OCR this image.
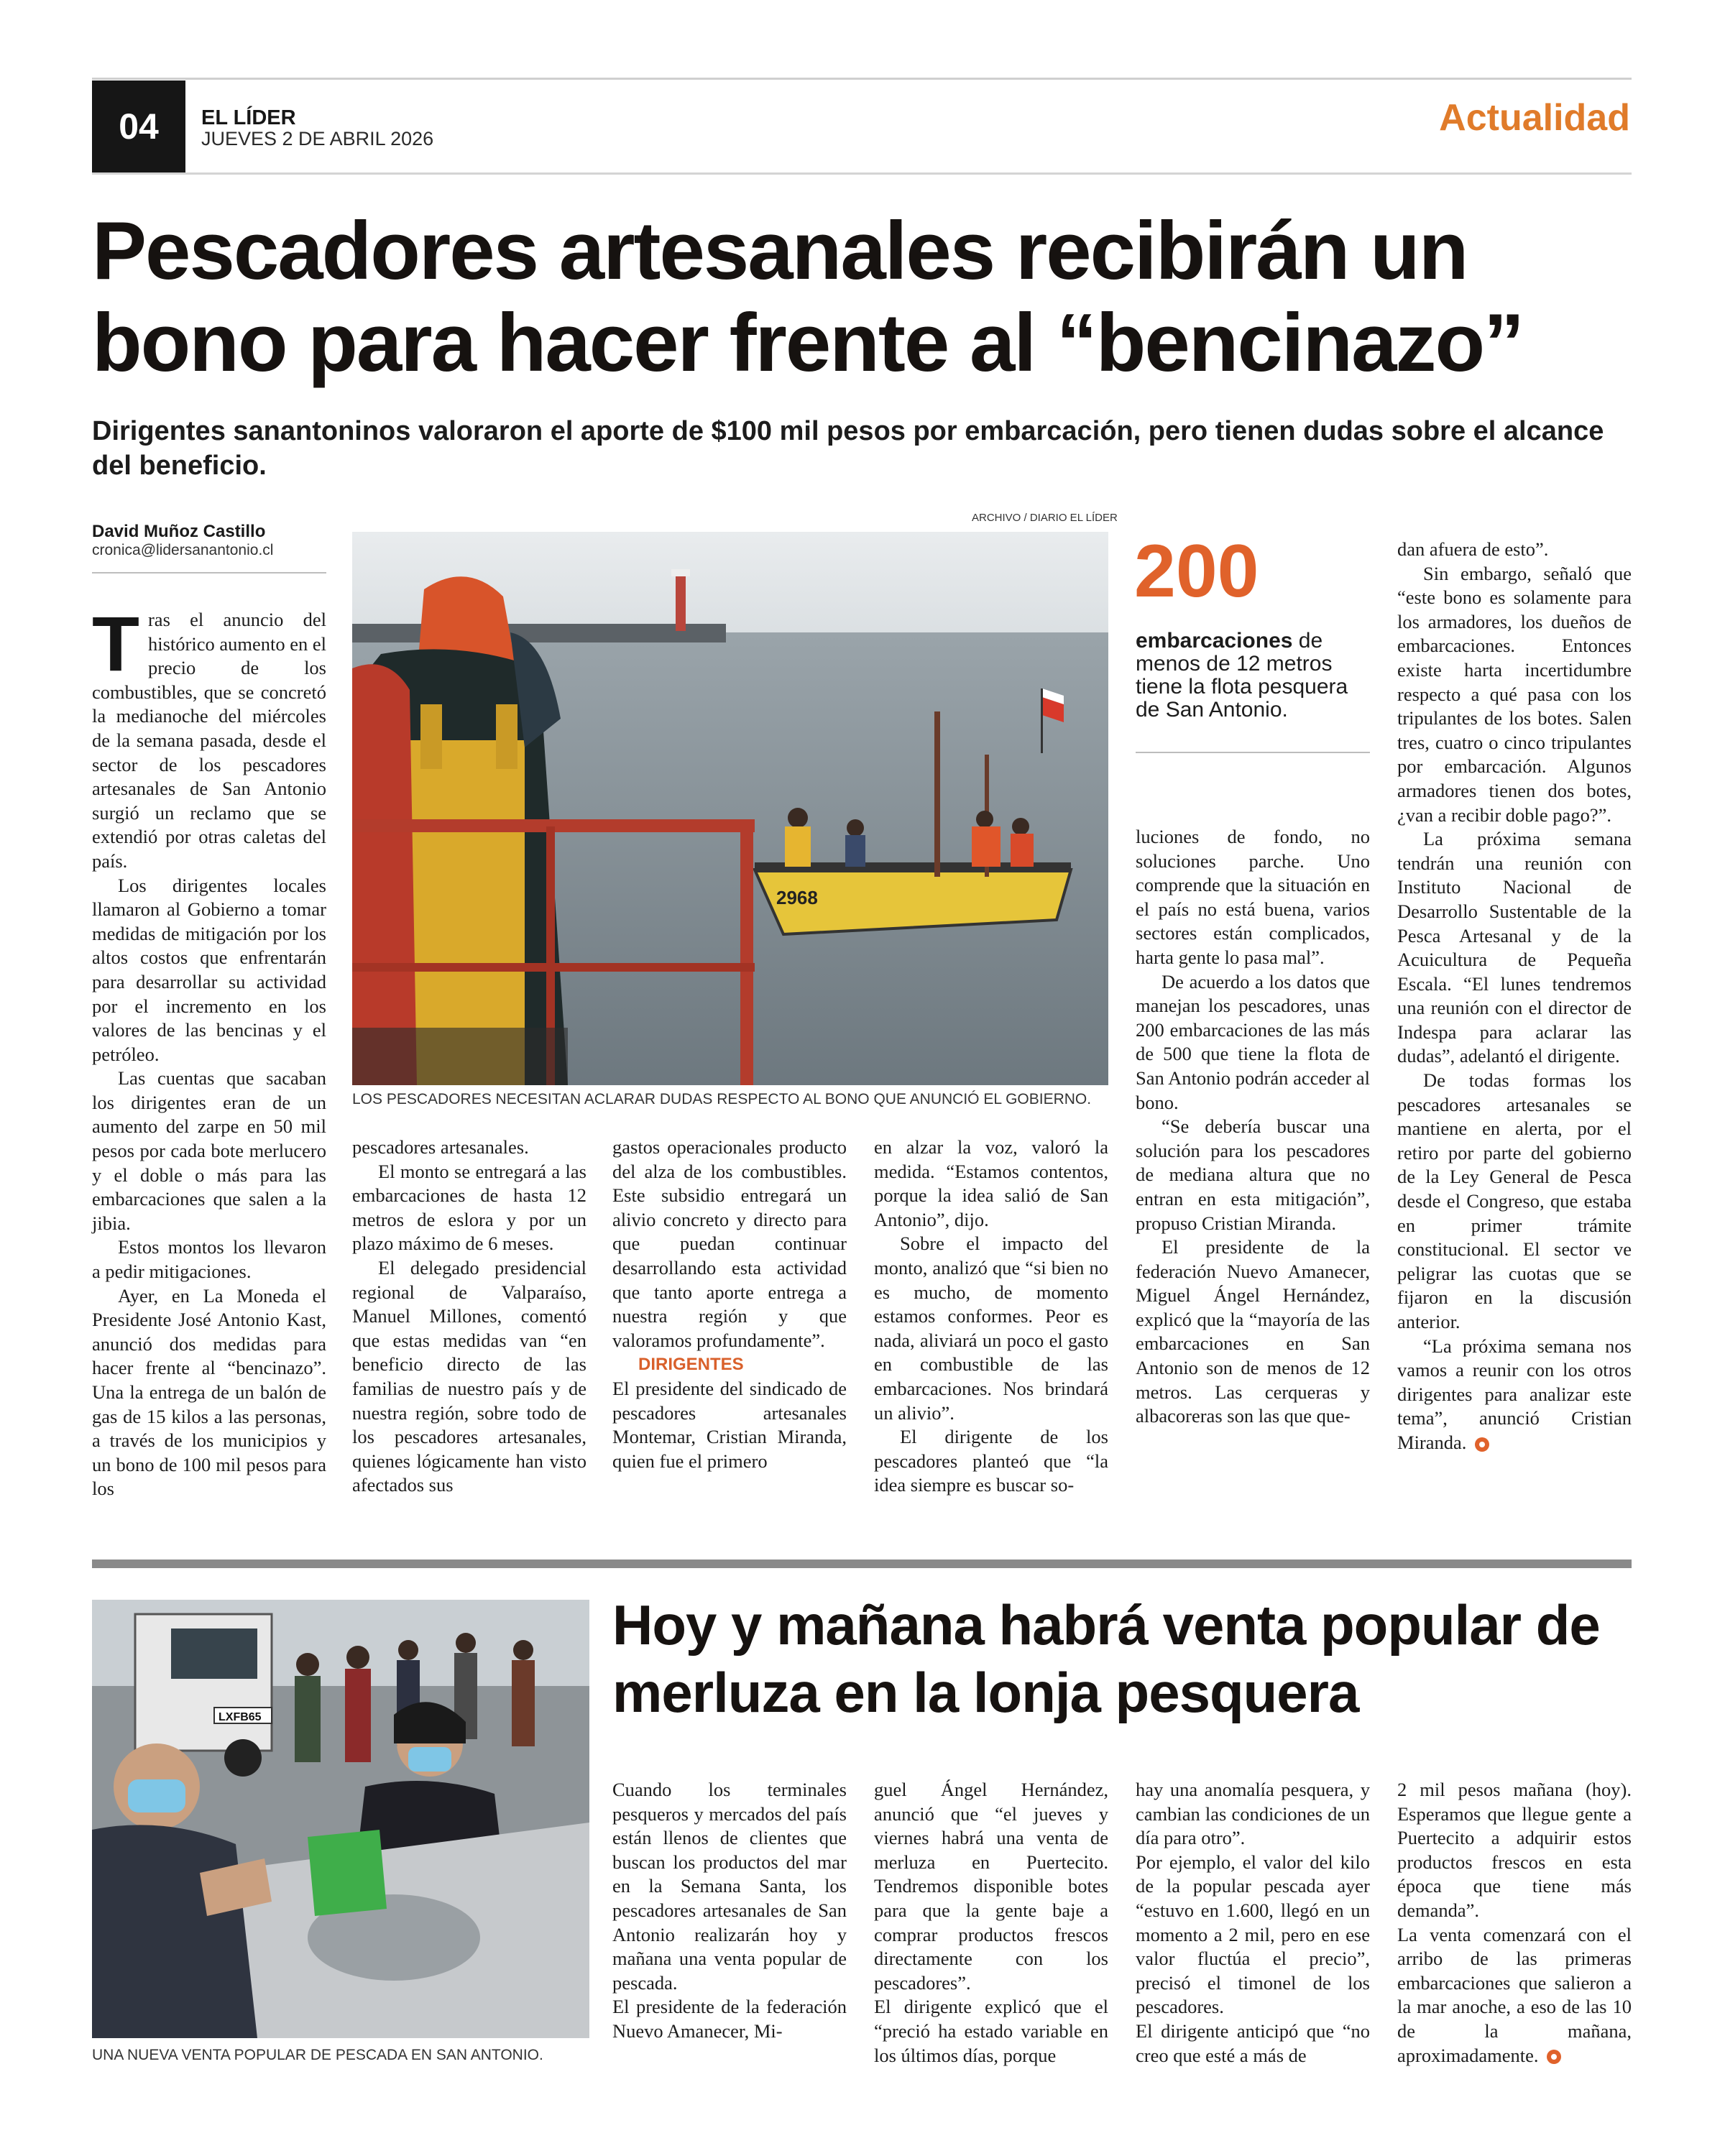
04	EL LÍDER
JUEVES 2 DE ABRIL 2026	Actualidad
Pescadores artesanales recibirán un bono para hacer frente al “bencinazo”
Dirigentes sanantoninos valoraron el aporte de $100 mil pesos por embarcación, pero tienen dudas sobre el alcance del beneficio.
David Muñoz Castillo
cronica@lidersanantonio.cl

Tras el anuncio del histórico aumento en el precio de los combustibles, que se concretó la medianoche del miércoles de la semana pasada, desde el sector de los pescadores artesanales de San Antonio surgió un reclamo que se extendió por otras caletas del país.

Los dirigentes locales llamaron al Gobierno a tomar medidas de mitigación por los altos costos que enfrentarán para desarrollar su actividad por el incremento en los valores de las bencinas y el petróleo.

Las cuentas que sacaban los dirigentes eran de un aumento del zarpe en 50 mil pesos por cada bote merlucero y el doble o más para las embarcaciones que salen a la jibia.

Estos montos los llevaron a pedir mitigaciones.

Ayer, en La Moneda el Presidente José Antonio Kast, anunció dos medidas para hacer frente al “bencinazo”. Una la entrega de un balón de gas de 15 kilos a las personas, a través de los municipios y un bono de 100 mil pesos para los

ARCHIVO / DIARIO EL LÍDER
2968
LOS PESCADORES NECESITAN ACLARAR DUDAS RESPECTO AL BONO QUE ANUNCIÓ EL GOBIERNO.

pescadores artesanales.

El monto se entregará a las embarcaciones de hasta 12 metros de eslora y por un plazo máximo de 6 meses.

El delegado presidencial regional de Valparaíso, Manuel Millones, comentó que estas medidas van “en beneficio directo de las familias de nuestro país y de nuestra región, sobre todo de los pescadores artesanales, quienes lógicamente han visto afectados sus

gastos operacionales producto del alza de los combustibles. Este subsidio entregará un alivio concreto y directo para que puedan continuar desarrollando esta actividad que tanto aporte entrega a nuestra región y que valoramos profundamente”.

DIRIGENTES

El presidente del sindicado de pescadores artesanales Montemar, Cristian Miranda, quien fue el primero

en alzar la voz, valoró la medida. “Estamos contentos, porque la idea salió de San Antonio”, dijo.

Sobre el impacto del monto, analizó que “si bien no es mucho, de momento estamos conformes. Peor es nada, aliviará un poco el gasto en combustible de las embarcaciones. Nos brindará un alivio”.

El dirigente de los pescadores planteó que “la idea siempre es buscar so-

200
embarcaciones de menos de 12 metros tiene la flota pesquera de San Antonio.

luciones de fondo, no soluciones parche. Uno comprende que la situación en el país no está buena, varios sectores están complicados, harta gente lo pasa mal”.

De acuerdo a los datos que manejan los pescadores, unas 200 embarcaciones de las más de 500 que tiene la flota de San Antonio podrán acceder al bono.

“Se debería buscar una solución para los pescadores de mediana altura que no entran en esta mitigación”, propuso Cristian Miranda.

El presidente de la federación Nuevo Amanecer, Miguel Ángel Hernández, explicó que la “mayoría de las embarcaciones en San Antonio son de menos de 12 metros. Las cerqueras y albacoreras son las que que-

dan afuera de esto”.

Sin embargo, señaló que “este bono es solamente para los armadores, los dueños de embarcaciones. Entonces existe harta incertidumbre respecto a qué pasa con los tripulantes de los botes. Salen tres, cuatro o cinco tripulantes por embarcación. Algunos armadores tienen dos botes, ¿van a recibir doble pago?”.

La próxima semana tendrán una reunión con Instituto Nacional de Desarrollo Sustentable de la Pesca Artesanal y de la Acuicultura de Pequeña Escala. “El lunes tendremos una reunión con el director de Indespa para aclarar las dudas”, adelantó el dirigente.

De todas formas los pescadores artesanales se mantiene en alerta, por el retiro por parte del gobierno de la Ley General de Pesca desde el Congreso, que estaba en primer trámite constitucional. El sector ve peligrar las cuotas que se fijaron en la discusión anterior.

“La próxima semana nos vamos a reunir con los otros dirigentes para analizar este tema”, anunció Cristian Miranda.

LXFB65
UNA NUEVA VENTA POPULAR DE PESCADA EN SAN ANTONIO.
Hoy y mañana habrá venta popular de merluza en la lonja pesquera

Cuando los terminales pesqueros y mercados del país están llenos de clientes que buscan los productos del mar en la Semana Santa, los pescadores artesanales de San Antonio realizarán hoy y mañana una venta popular de pescada.

El presidente de la federación Nuevo Amanecer, Mi-

guel Ángel Hernández, anunció que “el jueves y viernes habrá una venta de merluza en Puertecito. Tendremos disponible botes para que la gente baje a comprar productos frescos directamente con los pescadores”.

El dirigente explicó que el “preció ha estado variable en los últimos días, porque

hay una anomalía pesquera, y cambian las condiciones de un día para otro”.

Por ejemplo, el valor del kilo de la popular pescada ayer “estuvo en 1.600, llegó en un momento a 2 mil, pero en ese valor fluctúa el precio”, precisó el timonel de los pescadores.

El dirigente anticipó que “no creo que esté a más de

2 mil pesos mañana (hoy). Esperamos que llegue gente a Puertecito a adquirir estos productos frescos en esta época que tiene más demanda”.

La venta comenzará con el arribo de las primeras embarcaciones que salieron a la mar anoche, a eso de las 10 de la mañana, aproximadamente.
